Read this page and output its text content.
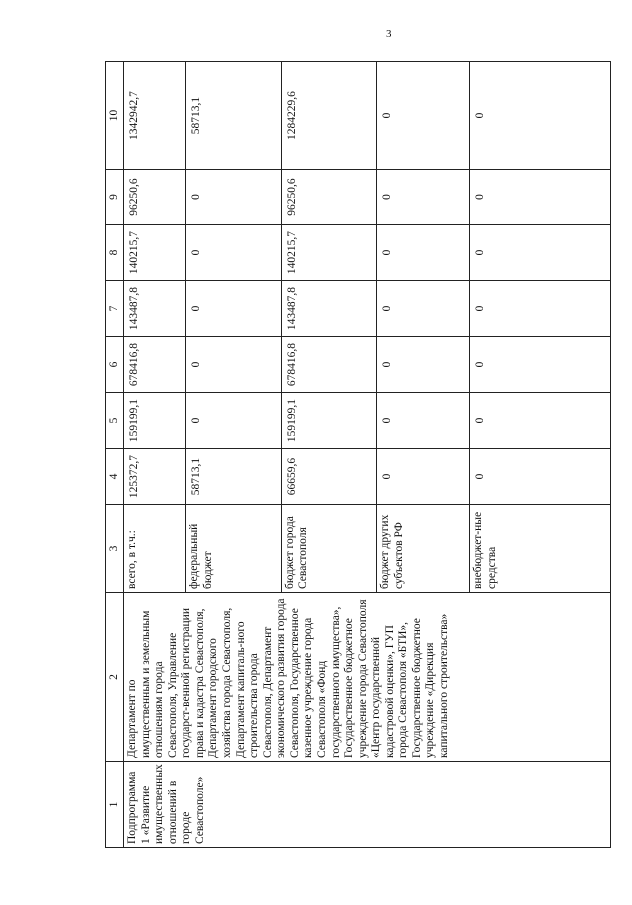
3
1	2	3	4	5	6	7	8	9	10
Подпрограмма 1 «Развитие имущественных отношений в городе Севастополе»	Департамент по имущественным и земельным отношениям города Севастополя, Управление государст-венной регистрации права и кадастра Севастополя, Департамент городского хозяйства города Севастополя, Департамент капиталь-ного строительства города Севастополя, Департамент экономического развития города Севастополя, Государственное казенное учреждение города Севастополя «Фонд государственного имущества», Государственное бюджетное учреждение города Севастополя «Центр государственной кадастровой оценки», ГУП города Севастополя «БТИ», Государственное бюджетное учреждение «Дирекция капитального строительства»	всего, в т.ч.:	125372,7	159199,1	678416,8	143487,8	140215,7	96250,6	1342942,7
		федеральный бюджет	58713,1	0	0	0	0	0	58713,1
		бюджет города Севастополя	66659,6	159199,1	678416,8	143487,8	140215,7	96250,6	1284229,6
		бюджет других субъектов РФ	0	0	0	0	0	0	0
		внебюджет-ные средства	0	0	0	0	0	0	0
